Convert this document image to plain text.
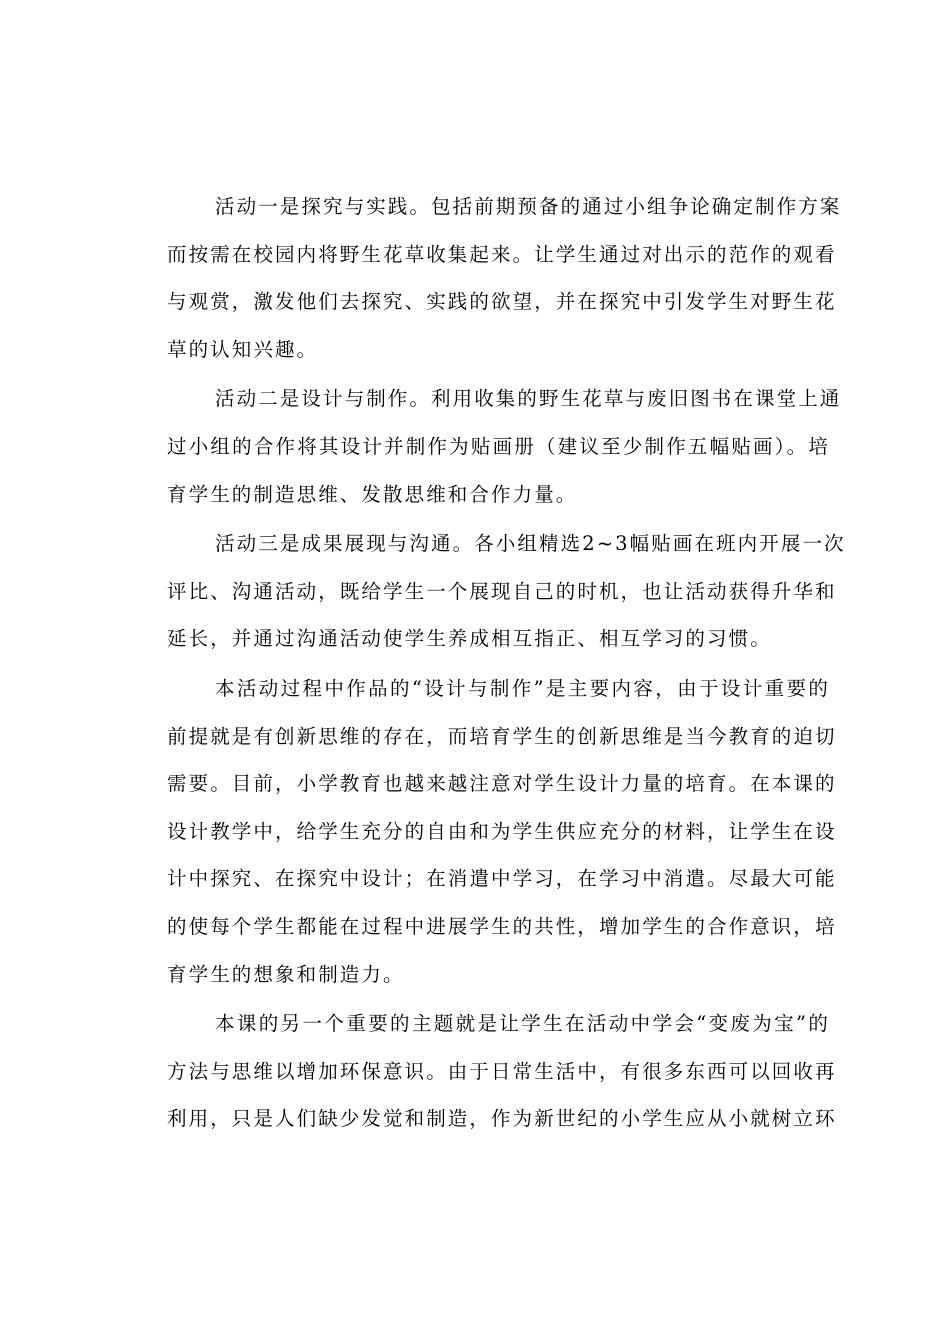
活动一是探究与实践。包括前期预备的通过小组争论确定制作方案
而按需在校园内将野生花草收集起来。让学生通过对出示的范作的观看
与观赏，激发他们去探究、实践的欲望，并在探究中引发学生对野生花
草的认知兴趣。
活动二是设计与制作。利用收集的野生花草与废旧图书在课堂上通
过小组的合作将其设计并制作为贴画册（建议至少制作五幅贴画）。培
育学生的制造思维、发散思维和合作力量。
活动三是成果展现与沟通。各小组精选2~3幅贴画在班内开展一次
评比、沟通活动，既给学生一个展现自己的时机，也让活动获得升华和
延长，并通过沟通活动使学生养成相互指正、相互学习的习惯。
本活动过程中作品的“设计与制作”是主要内容，由于设计重要的
前提就是有创新思维的存在，而培育学生的创新思维是当今教育的迫切
需要。目前，小学教育也越来越注意对学生设计力量的培育。在本课的
设计教学中，给学生充分的自由和为学生供应充分的材料，让学生在设
计中探究、在探究中设计；在消遣中学习，在学习中消遣。尽最大可能
的使每个学生都能在过程中进展学生的共性，增加学生的合作意识，培
育学生的想象和制造力。
本课的另一个重要的主题就是让学生在活动中学会“变废为宝”的
方法与思维以增加环保意识。由于日常生活中，有很多东西可以回收再
利用，只是人们缺少发觉和制造，作为新世纪的小学生应从小就树立环
